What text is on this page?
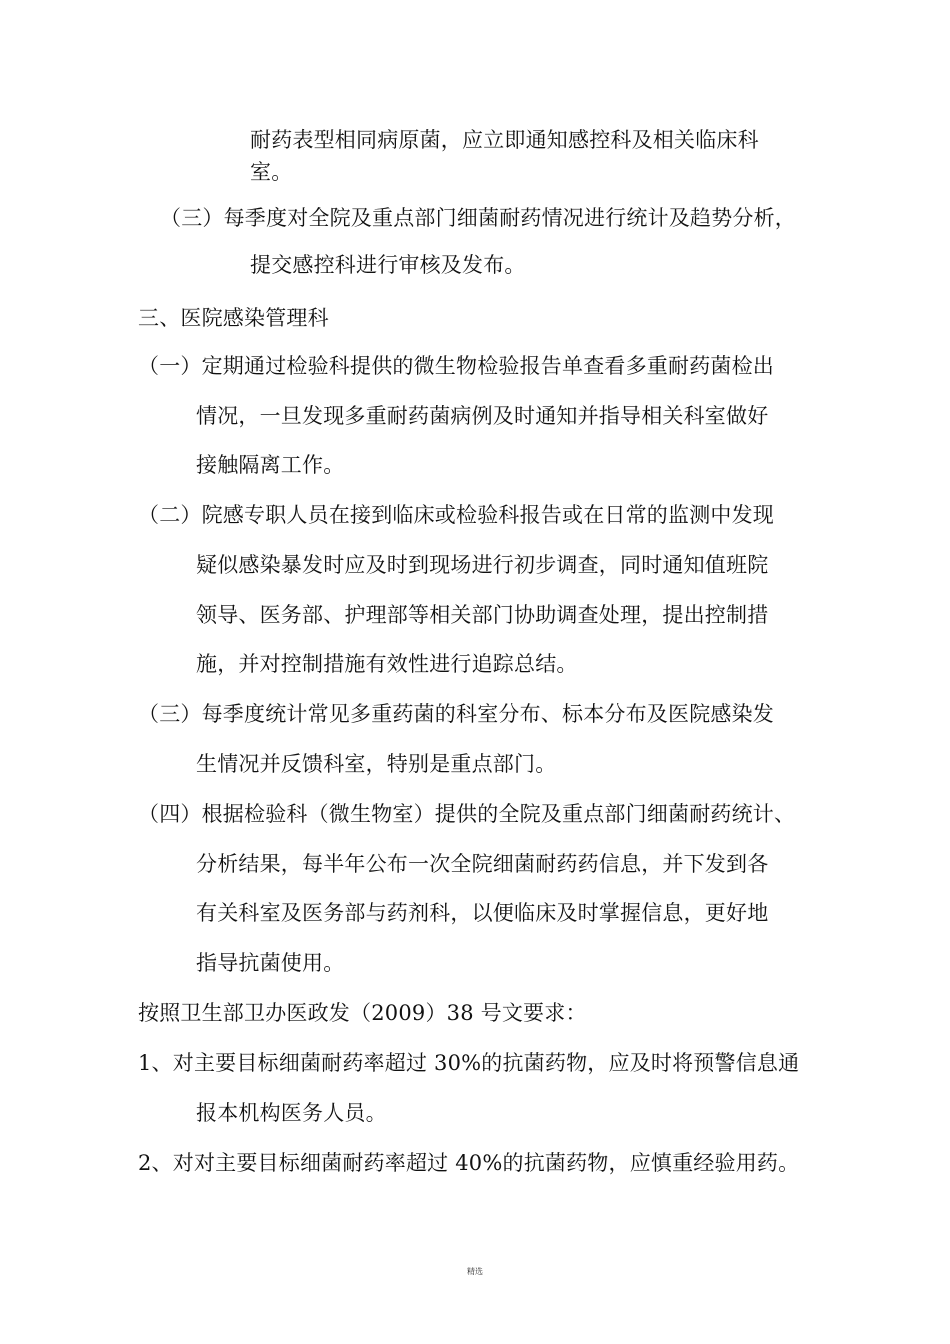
耐药表型相同病原菌，应立即通知感控科及相关临床科
室。
（三）每季度对全院及重点部门细菌耐药情况进行统计及趋势分析，
提交感控科进行审核及发布。
三、医院感染管理科
（一）定期通过检验科提供的微生物检验报告单查看多重耐药菌检出
情况，一旦发现多重耐药菌病例及时通知并指导相关科室做好
接触隔离工作。
（二）院感专职人员在接到临床或检验科报告或在日常的监测中发现
疑似感染暴发时应及时到现场进行初步调查，同时通知值班院
领导、医务部、护理部等相关部门协助调查处理，提出控制措
施，并对控制措施有效性进行追踪总结。
（三）每季度统计常见多重药菌的科室分布、标本分布及医院感染发
生情况并反馈科室，特别是重点部门。
（四）根据检验科（微生物室）提供的全院及重点部门细菌耐药统计、
分析结果，每半年公布一次全院细菌耐药药信息，并下发到各
有关科室及医务部与药剂科，以便临床及时掌握信息，更好地
指导抗菌使用。
按照卫生部卫办医政发（2009）38 号文要求：
1、对主要目标细菌耐药率超过 30%的抗菌药物，应及时将预警信息通
报本机构医务人员。
2、对对主要目标细菌耐药率超过 40%的抗菌药物，应慎重经验用药。
精选
